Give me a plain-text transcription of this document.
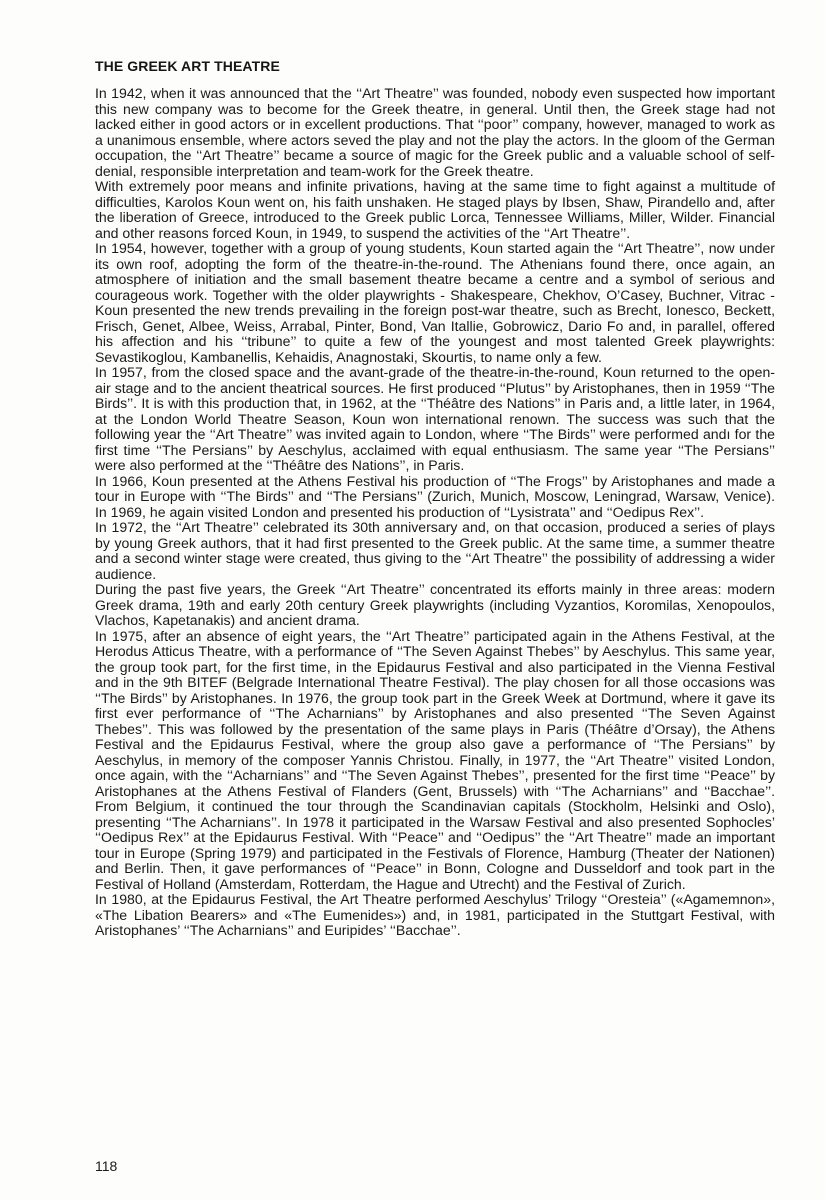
THE GREEK ART THEATRE

In 1942, when it was announced that the ‘‘Art Theatre’’ was founded, nobody even suspected how important this new company was to become for the Greek theatre, in general. Until then, the Greek stage had not lacked either in good actors or in excellent productions. That ‘‘poor’’ company, however, managed to work as a unanimous ensemble, where actors seved the play and not the play the actors. In the gloom of the German occupation, the ‘‘Art Theatre’’ became a source of magic for the Greek public and a valuable school of self-denial, responsible interpretation and team-work for the Greek theatre.

With extremely poor means and infinite privations, having at the same time to fight against a multitude of difficulties, Karolos Koun went on, his faith unshaken. He staged plays by Ibsen, Shaw, Pirandello and, after the liberation of Greece, introduced to the Greek public Lorca, Tennessee Williams, Miller, Wilder. Financial and other reasons forced Koun, in 1949, to suspend the activities of the ‘‘Art Theatre’’.

In 1954, however, together with a group of young students, Koun started again the ‘‘Art Theatre’’, now under its own roof, adopting the form of the theatre-in-the-round. The Athenians found there, once again, an atmosphere of initiation and the small basement theatre became a centre and a symbol of serious and courageous work. Together with the older playwrights - Shakespeare, Chekhov, O’Casey, Buchner, Vitrac - Koun presented the new trends prevailing in the foreign post-war theatre, such as Brecht, Ionesco, Beckett, Frisch, Genet, Albee, Weiss, Arrabal, Pinter, Bond, Van Itallie, Gobrowicz, Dario Fo and, in parallel, offered his affection and his ‘‘tribune’’ to quite a few of the youngest and most talented Greek playwrights: Sevastikoglou, Kambanellis, Kehaidis, Anagnostaki, Skourtis, to name only a few.

In 1957, from the closed space and the avant-grade of the theatre-in-the-round, Koun returned to the open-air stage and to the ancient theatrical sources. He first produced ‘‘Plutus’’ by Aristophanes, then in 1959 ‘‘The Birds’’. It is with this production that, in 1962, at the ‘‘Théâtre des Nations’’ in Paris and, a little later, in 1964, at the London World Theatre Season, Koun won international renown. The success was such that the following year the ‘‘Art Theatre’’ was invited again to London, where ‘‘The Birds’’ were performed andı for the first time ‘‘The Persians’’ by Aeschylus, acclaimed with equal enthusiasm. The same year ‘‘The Persians’’ were also performed at the ‘‘Théâtre des Nations’’, in Paris.

In 1966, Koun presented at the Athens Festival his production of ‘‘The Frogs’’ by Aristophanes and made a tour in Europe with ‘‘The Birds’’ and ‘‘The Persians’’ (Zurich, Munich, Moscow, Leningrad, Warsaw, Venice). In 1969, he again visited London and presented his production of ‘‘Lysistrata’’ and ‘‘Oedipus Rex’’.

In 1972, the ‘‘Art Theatre’’ celebrated its 30th anniversary and, on that occasion, produced a series of plays by young Greek authors, that it had first presented to the Greek public. At the same time, a summer theatre and a second winter stage were created, thus giving to the ‘‘Art Theatre’’ the possibility of addressing a wider audience.

During the past five years, the Greek ‘‘Art Theatre’’ concentrated its efforts mainly in three areas: modern Greek drama, 19th and early 20th century Greek playwrights (including Vyzantios, Koromilas, Xenopoulos, Vlachos, Kapetanakis) and ancient drama.

In 1975, after an absence of eight years, the ‘‘Art Theatre’’ participated again in the Athens Festival, at the Herodus Atticus Theatre, with a performance of ‘‘The Seven Against Thebes’’ by Aeschylus. This same year, the group took part, for the first time, in the Epidaurus Festival and also participated in the Vienna Festival and in the 9th BITEF (Belgrade International Theatre Festival). The play chosen for all those occasions was ‘‘The Birds’’ by Aristophanes. In 1976, the group took part in the Greek Week at Dortmund, where it gave its first ever performance of ‘‘The Acharnians’’ by Aristophanes and also presented ‘‘The Seven Against Thebes’’. This was followed by the presentation of the same plays in Paris (Théâtre d’Orsay), the Athens Festival and the Epidaurus Festival, where the group also gave a performance of ‘‘The Persians’’ by Aeschylus, in memory of the composer Yannis Christou. Finally, in 1977, the ‘‘Art Theatre’’ visited London, once again, with the ‘‘Acharnians’’ and ‘‘The Seven Against Thebes’’, presented for the first time ‘‘Peace’’ by Aristophanes at the Athens Festival of Flanders (Gent, Brussels) with ‘‘The Acharnians’’ and ‘‘Bacchae’’. From Belgium, it continued the tour through the Scandinavian capitals (Stockholm, Helsinki and Oslo), presenting ‘‘The Acharnians’’. In 1978 it participated in the Warsaw Festival and also presented Sophocles’ ‘‘Oedipus Rex’’ at the Epidaurus Festival. With ‘‘Peace’’ and ‘‘Oedipus’’ the ‘‘Art Theatre’’ made an important tour in Europe (Spring 1979) and participated in the Festivals of Florence, Hamburg (Theater der Nationen) and Berlin. Then, it gave performances of ‘‘Peace’’ in Bonn, Cologne and Dusseldorf and took part in the Festival of Holland (Amsterdam, Rotterdam, the Hague and Utrecht) and the Festival of Zurich.

In 1980, at the Epidaurus Festival, the Art Theatre performed Aeschylus’ Trilogy ‘‘Oresteia’’ («Agamemnon», «The Libation Bearers» and «The Eumenides») and, in 1981, participated in the Stuttgart Festival, with Aristophanes’ ‘‘The Acharnians’’ and Euripides’ ‘‘Bacchae’’.

118
